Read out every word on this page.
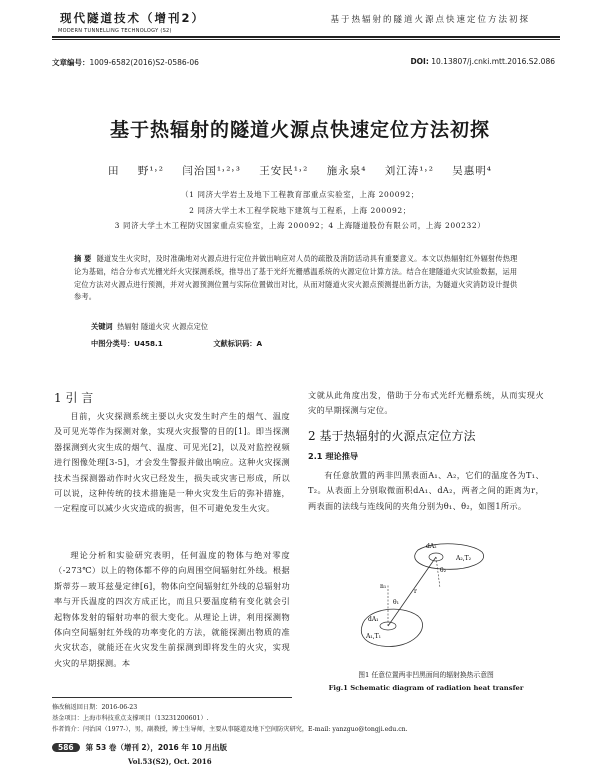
现代隧道技术（增刊2）
MODERN TUNNELLING TECHNOLOGY (S2)
基于热辐射的隧道火源点快速定位方法初探
文章编号：1009-6582(2016)S2-0586-06	DOI: 10.13807/j.cnki.mtt.2016.S2.086
基于热辐射的隧道火源点快速定位方法初探
田 野¹˒² 闫治国¹˒²˒³ 王安民¹˒² 施永泉⁴ 刘江涛¹˒² 吴惠明⁴
（1 同济大学岩土及地下工程教育部重点实验室，上海 200092；
2 同济大学土木工程学院地下建筑与工程系，上海 200092；
3 同济大学土木工程防灾国家重点实验室，上海 200092；4 上海隧道股份有限公司，上海 200232）
摘 要 隧道发生火灾时，及时准确地对火源点进行定位并做出响应对人员的疏散及消防活动具有重要意义。本文以热辐射红外辐射传热理论为基础，结合分布式光栅光纤火灾探测系统，推导出了基于光纤光栅感温系统的火源定位计算方法。结合在建隧道火灾试验数据，运用定位方法对火源点进行预测，并对火源预测位置与实际位置做出对比，从而对隧道火灾火源点预测提出新方法，为隧道火灾消防设计提供参考。
关键词 热辐射 隧道火灾 火源点定位
中图分类号：U458.1	文献标识码：A
1 引 言
目前，火灾探测系统主要以火灾发生时产生的烟气、温度及可见光等作为探测对象，实现火灾报警的目的[1]。即当探测器探测到火灾生成的烟气、温度、可见光[2]，以及对监控视频进行图像处理[3-5]，才会发生警报并做出响应。这种火灾探测技术当探测器动作时火灾已经发生，损失或灾害已形成，所以可以说，这种传统的技术措施是一种火灾发生后的弥补措施，一定程度可以减少火灾造成的损害，但不可避免发生火灾。
理论分析和实验研究表明，任何温度的物体与绝对零度（-273℃）以上的物体都不停的向周围空间辐射红外线。根据斯蒂芬－玻耳兹曼定律[6]，物体向空间辐射红外线的总辐射功率与开氏温度的四次方成正比，而且只要温度稍有变化就会引起物体发射的辐射功率的很大变化。从理论上讲，利用探测物体向空间辐射红外线的功率变化的方法，就能探测出物质的准火灾状态，就能还在火灾发生前探测到即将发生的火灾，实现火灾的早期探测。本
文就从此角度出发，借助于分布式光纤光栅系统，从而实现火灾的早期探测与定位。
2 基于热辐射的火源点定位方法
2.1 理论推导
有任意放置的两非凹黑表面A₁、A₂，它们的温度各为T₁、T₂。从表面上分别取微面积dA₁、dA₂，两者之间的距离为r，两表面的法线与连线间的夹角分别为θ₁、θ₂，如图1所示。
dA₁
A₂,T₂
dA₂
θ₂
r
n₁
θ₁
A₁,T₁
图1 任意位置两非凹黑面间的辐射换热示意图
Fig.1 Schematic diagram of radiation heat transfer
修改稿返回日期：2016-06-23
基金项目：上海市科技重点支撑项目（13231200601）.
作者简介：闫治国（1977-），男，副教授，博士生导师，主要从事隧道及地下空间防灾研究，E-mail: yanzguo@tongji.edu.cn.
586 第 53 卷（增刊 2），2016 年 10 月出版
Vol.53(S2), Oct. 2016
